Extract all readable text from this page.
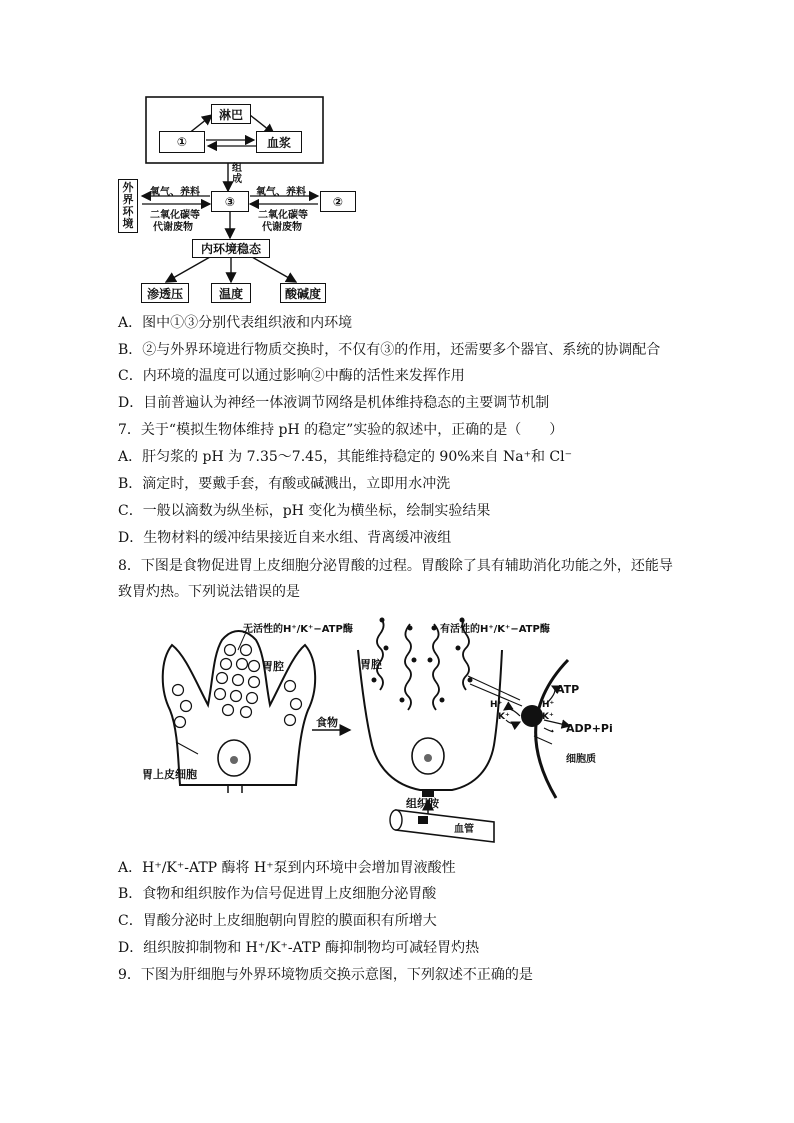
淋巴
①	血浆
组成
外界环境
③	②
氧气、养料
二氧化碳等
代谢废物
氧气、养料
二氧化碳等
代谢废物
内环境稳态
渗透压	温度	酸碱度
A．图中①③分别代表组织液和内环境
B．②与外界环境进行物质交换时，不仅有③的作用，还需要多个器官、系统的协调配合
C．内环境的温度可以通过影响②中酶的活性来发挥作用
D．目前普遍认为神经一体液调节网络是机体维持稳态的主要调节机制
7．关于“模拟生物体维持 pH 的稳定”实验的叙述中，正确的是（　　）
A．肝匀浆的 pH 为 7.35～7.45，其能维持稳定的 90%来自 Na⁺和 Cl⁻
B．滴定时，要戴手套，有酸或碱溅出，立即用水冲洗
C．一般以滴数为纵坐标，pH 变化为横坐标，绘制实验结果
D．生物材料的缓冲结果接近自来水组、背离缓冲液组
8．下图是食物促进胃上皮细胞分泌胃酸的过程。胃酸除了具有辅助消化功能之外，还能导致胃灼热。下列说法错误的是
无活性的H⁺/K⁺−ATP酶	有活性的H⁺/K⁺−ATP酶
胃腔	胃腔
食物
胃上皮细胞
组织胺
血管
ATP
ADP+Pi
细胞质
H⁺
K⁺
H⁺
K⁺
A．H⁺/K⁺-ATP 酶将 H⁺泵到内环境中会增加胃液酸性
B．食物和组织胺作为信号促进胃上皮细胞分泌胃酸
C．胃酸分泌时上皮细胞朝向胃腔的膜面积有所增大
D．组织胺抑制物和 H⁺/K⁺-ATP 酶抑制物均可减轻胃灼热
9．下图为肝细胞与外界环境物质交换示意图，下列叙述不正确的是
